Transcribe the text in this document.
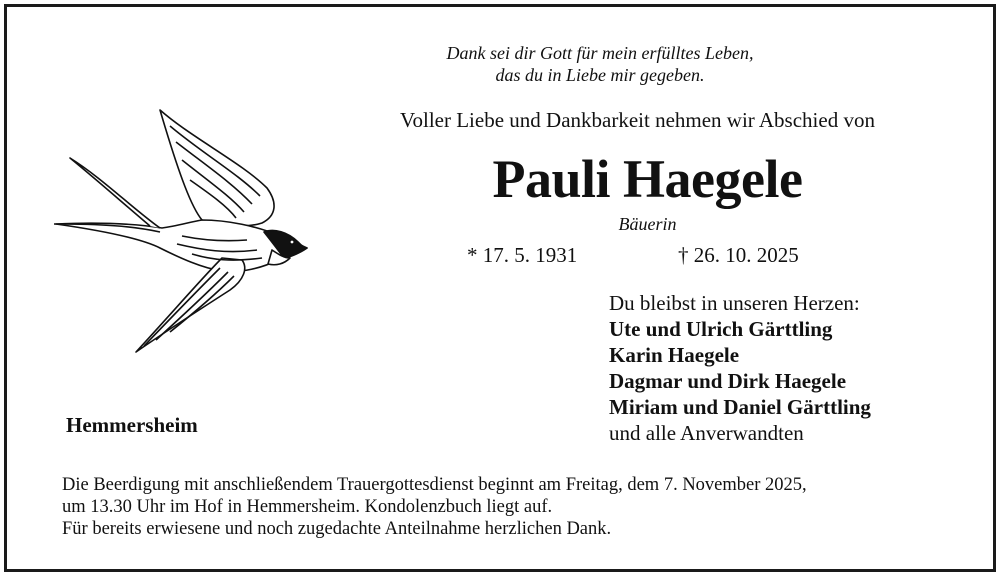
Dank sei dir Gott für mein erfülltes Leben,
das du in Liebe mir gegeben.
Voller Liebe und Dankbarkeit nehmen wir Abschied von
Pauli Haegele
Bäuerin
* 17. 5. 1931	† 26. 10. 2025
Du bleibst in unseren Herzen:
Ute und Ulrich Gärttling
Karin Haegele
Dagmar und Dirk Haegele
Miriam und Daniel Gärttling
und alle Anverwandten
Hemmersheim
Die Beerdigung mit anschließendem Trauergottesdienst beginnt am Freitag, dem 7. November 2025,
um 13.30 Uhr im Hof in Hemmersheim. Kondolenzbuch liegt auf.
Für bereits erwiesene und noch zugedachte Anteilnahme herzlichen Dank.
